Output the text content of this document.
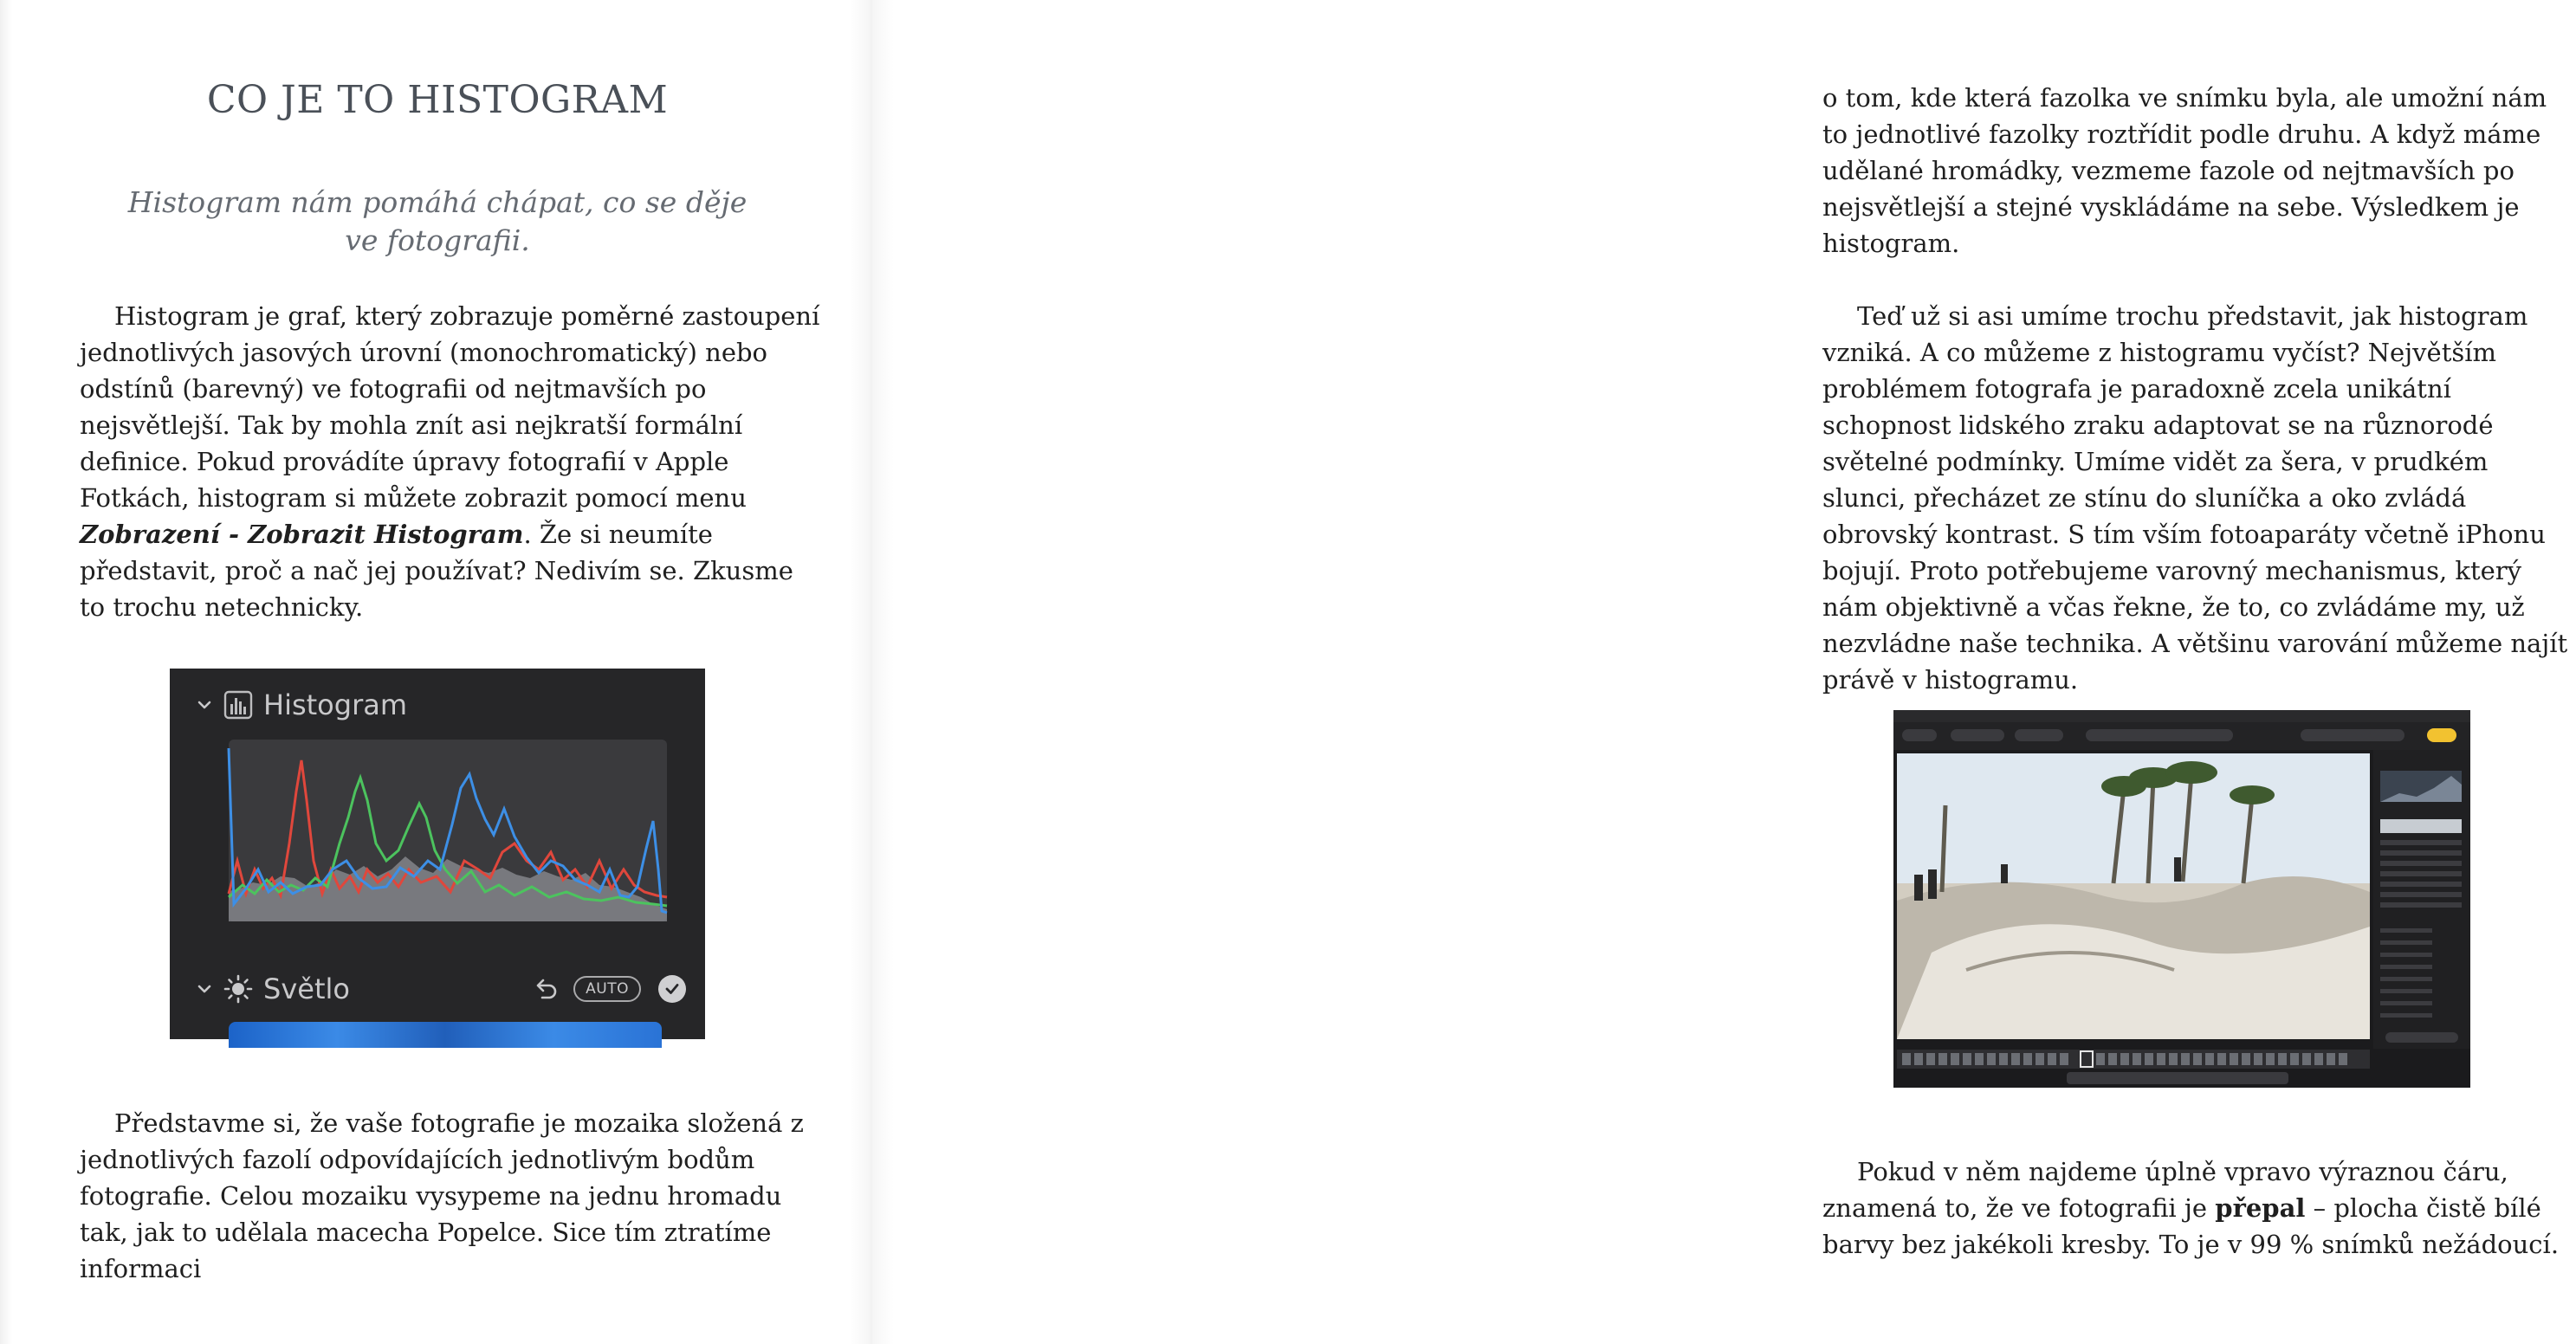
CO JE TO HISTOGRAM

Histogram nám pomáhá chápat, co se děje ve fotografii.

Histogram je graf, který zobrazuje poměrné zastoupení jednotlivých jasových úrovní (monochromatický) nebo odstínů (barevný) ve fotografii od nejtmavších po nejsvětlejší. Tak by mohla znít asi nejkratší formální definice. Pokud provádíte úpravy fotografií v Apple Fotkách, histogram si můžete zobrazit pomocí menu Zobrazení - Zobrazit Histogram. Že si neumíte představit, proč a nač jej používat? Nedivím se. Zkusme to trochu netechnicky.

Histogram
Světlo	AUTO

Představme si, že vaše fotografie je mozaika složená z jednotlivých fazolí odpovídajících jednotlivým bodům fotografie. Celou mozaiku vysypeme na jednu hromadu tak, jak to udělala macecha Popelce. Sice tím ztratíme informaci

o tom, kde která fazolka ve snímku byla, ale umožní nám to jednotlivé fazolky roztřídit podle druhu. A když máme udělané hromádky, vezmeme fazole od nejtmavších po nejsvětlejší a stejné vyskládáme na sebe. Výsledkem je histogram.

Teď už si asi umíme trochu představit, jak histogram vzniká. A co můžeme z histogramu vyčíst? Největším problémem fotografa je paradoxně zcela unikátní schopnost lidského zraku adaptovat se na různorodé světelné podmínky. Umíme vidět za šera, v prudkém slunci, přecházet ze stínu do sluníčka a oko zvládá obrovský kontrast. S tím vším fotoaparáty včetně iPhonu bojují. Proto potřebujeme varovný mechanismus, který nám objektivně a včas řekne, že to, co zvládáme my, už nezvládne naše technika. A většinu varování můžeme najít právě v histogramu.

Pokud v něm najdeme úplně vpravo výraznou čáru, znamená to, že ve fotografii je přepal – plocha čistě bílé barvy bez jakékoli kresby. To je v 99 % snímků nežádoucí.
